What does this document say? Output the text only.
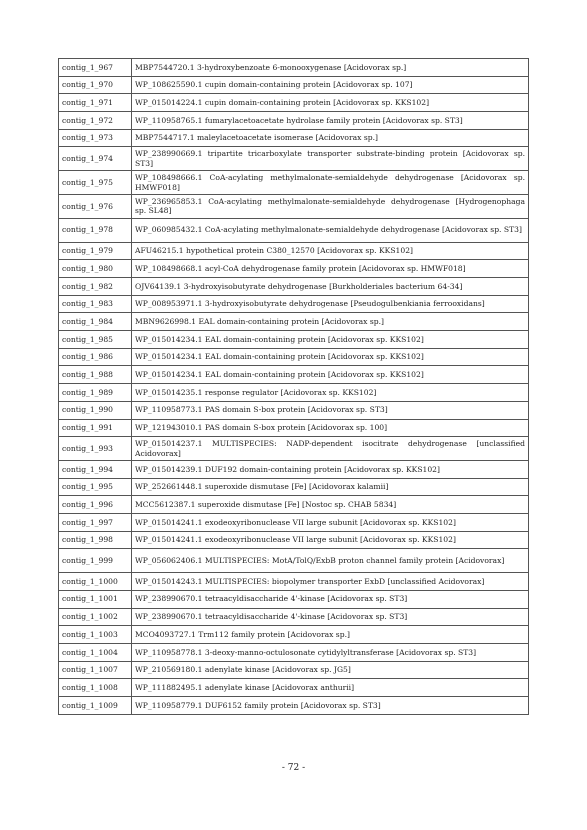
contig_1_967	MBP7544720.1 3-hydroxybenzoate 6-monooxygenase [Acidovorax sp.]
contig_1_970	WP_108625590.1 cupin domain-containing protein [Acidovorax sp. 107]
contig_1_971	WP_015014224.1 cupin domain-containing protein [Acidovorax sp. KKS102]
contig_1_972	WP_110958765.1 fumarylacetoacetate hydrolase family protein [Acidovorax sp. ST3]
contig_1_973	MBP7544717.1 maleylacetoacetate isomerase [Acidovorax sp.]
contig_1_974	WP_238990669.1 tripartite tricarboxylate transporter substrate-binding protein [Acidovorax sp. ST3]
contig_1_975	WP_108498666.1 CoA-acylating methylmalonate-semialdehyde dehydrogenase [Acidovorax sp. HMWF018]
contig_1_976	WP_236965853.1 CoA-acylating methylmalonate-semialdehyde dehydrogenase [Hydrogenophaga sp. SL48]
contig_1_978	WP_060985432.1 CoA-acylating methylmalonate-semialdehyde dehydrogenase [Acidovorax sp. ST3]
contig_1_979	AFU46215.1 hypothetical protein C380_12570 [Acidovorax sp. KKS102]
contig_1_980	WP_108498668.1 acyl-CoA dehydrogenase family protein [Acidovorax sp. HMWF018]
contig_1_982	OJV64139.1 3-hydroxyisobutyrate dehydrogenase [Burkholderiales bacterium 64-34]
contig_1_983	WP_008953971.1 3-hydroxyisobutyrate dehydrogenase [Pseudogulbenkiania ferrooxidans]
contig_1_984	MBN9626998.1 EAL domain-containing protein [Acidovorax sp.]
contig_1_985	WP_015014234.1 EAL domain-containing protein [Acidovorax sp. KKS102]
contig_1_986	WP_015014234.1 EAL domain-containing protein [Acidovorax sp. KKS102]
contig_1_988	WP_015014234.1 EAL domain-containing protein [Acidovorax sp. KKS102]
contig_1_989	WP_015014235.1 response regulator [Acidovorax sp. KKS102]
contig_1_990	WP_110958773.1 PAS domain S-box protein [Acidovorax sp. ST3]
contig_1_991	WP_121943010.1 PAS domain S-box protein [Acidovorax sp. 100]
contig_1_993	WP_015014237.1 MULTISPECIES: NADP-dependent isocitrate dehydrogenase [unclassified Acidovorax]
contig_1_994	WP_015014239.1 DUF192 domain-containing protein [Acidovorax sp. KKS102]
contig_1_995	WP_252661448.1 superoxide dismutase [Fe] [Acidovorax kalamii]
contig_1_996	MCC5612387.1 superoxide dismutase [Fe] [Nostoc sp. CHAB 5834]
contig_1_997	WP_015014241.1 exodeoxyribonuclease VII large subunit [Acidovorax sp. KKS102]
contig_1_998	WP_015014241.1 exodeoxyribonuclease VII large subunit [Acidovorax sp. KKS102]
contig_1_999	WP_056062406.1 MULTISPECIES: MotA/TolQ/ExbB proton channel family protein [Acidovorax]
contig_1_1000	WP_015014243.1 MULTISPECIES: biopolymer transporter ExbD [unclassified Acidovorax]
contig_1_1001	WP_238990670.1 tetraacyldisaccharide 4'-kinase [Acidovorax sp. ST3]
contig_1_1002	WP_238990670.1 tetraacyldisaccharide 4'-kinase [Acidovorax sp. ST3]
contig_1_1003	MCO4093727.1 Trm112 family protein [Acidovorax sp.]
contig_1_1004	WP_110958778.1 3-deoxy-manno-octulosonate cytidylyltransferase [Acidovorax sp. ST3]
contig_1_1007	WP_210569180.1 adenylate kinase [Acidovorax sp. JG5]
contig_1_1008	WP_111882495.1 adenylate kinase [Acidovorax anthurii]
contig_1_1009	WP_110958779.1 DUF6152 family protein [Acidovorax sp. ST3]
- 72 -
